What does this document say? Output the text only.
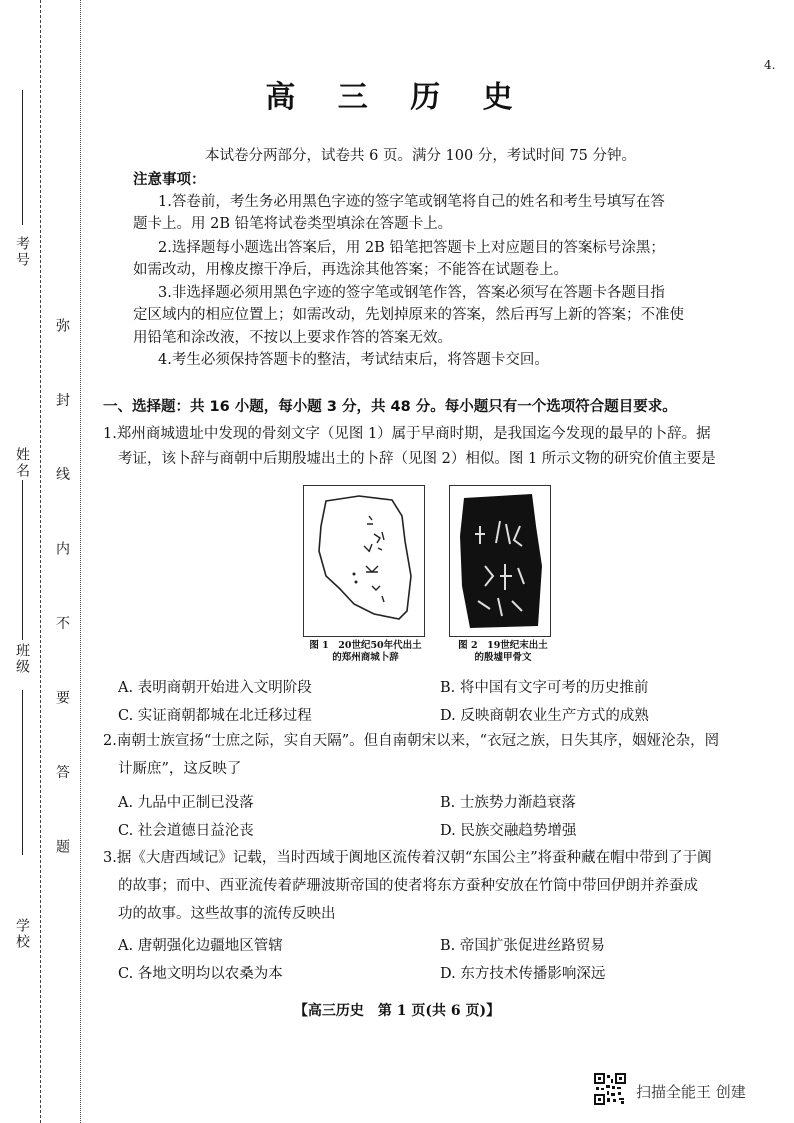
4.
考号
姓名
班级
学校
弥 封 线 内 不 要 答 题
高 三 历 史
本试卷分两部分，试卷共 6 页。满分 100 分，考试时间 75 分钟。
注意事项：
1.答卷前，考生务必用黑色字迹的签字笔或钢笔将自己的姓名和考生号填写在答
题卡上。用 2B 铅笔将试卷类型填涂在答题卡上。
2.选择题每小题选出答案后，用 2B 铅笔把答题卡上对应题目的答案标号涂黑；
如需改动，用橡皮擦干净后，再选涂其他答案；不能答在试题卷上。
3.非选择题必须用黑色字迹的签字笔或钢笔作答，答案必须写在答题卡各题目指
定区域内的相应位置上；如需改动，先划掉原来的答案，然后再写上新的答案；不准使
用铅笔和涂改液，不按以上要求作答的答案无效。
4.考生必须保持答题卡的整洁，考试结束后，将答题卡交回。
一、选择题：共 16 小题，每小题 3 分，共 48 分。每小题只有一个选项符合题目要求。
1.郑州商城遗址中发现的骨刻文字（见图 1）属于早商时期，是我国迄今发现的最早的卜辞。据
考证，该卜辞与商朝中后期殷墟出土的卜辞（见图 2）相似。图 1 所示文物的研究价值主要是
图 1　20世纪50年代出土
的郑州商城卜辞
图 2　19世纪末出土
的殷墟甲骨文
A. 表明商朝开始进入文明阶段	B. 将中国有文字可考的历史推前
C. 实证商朝都城在北迁移过程	D. 反映商朝农业生产方式的成熟
2.南朝士族宣扬“士庶之际，实自天隔”。但自南朝宋以来，“衣冠之族，日失其序，姻娅沦杂，罔
计厮庶”，这反映了
A. 九品中正制已没落	B. 士族势力渐趋衰落
C. 社会道德日益沦丧	D. 民族交融趋势增强
3.据《大唐西域记》记载，当时西域于阗地区流传着汉朝“东国公主”将蚕种藏在帽中带到了于阗
的故事；而中、西亚流传着萨珊波斯帝国的使者将东方蚕种安放在竹筒中带回伊朗并养蚕成
功的故事。这些故事的流传反映出
A. 唐朝强化边疆地区管辖	B. 帝国扩张促进丝路贸易
C. 各地文明均以农桑为本	D. 东方技术传播影响深远
【高三历史　第 1 页(共 6 页)】
扫描全能王 创建
